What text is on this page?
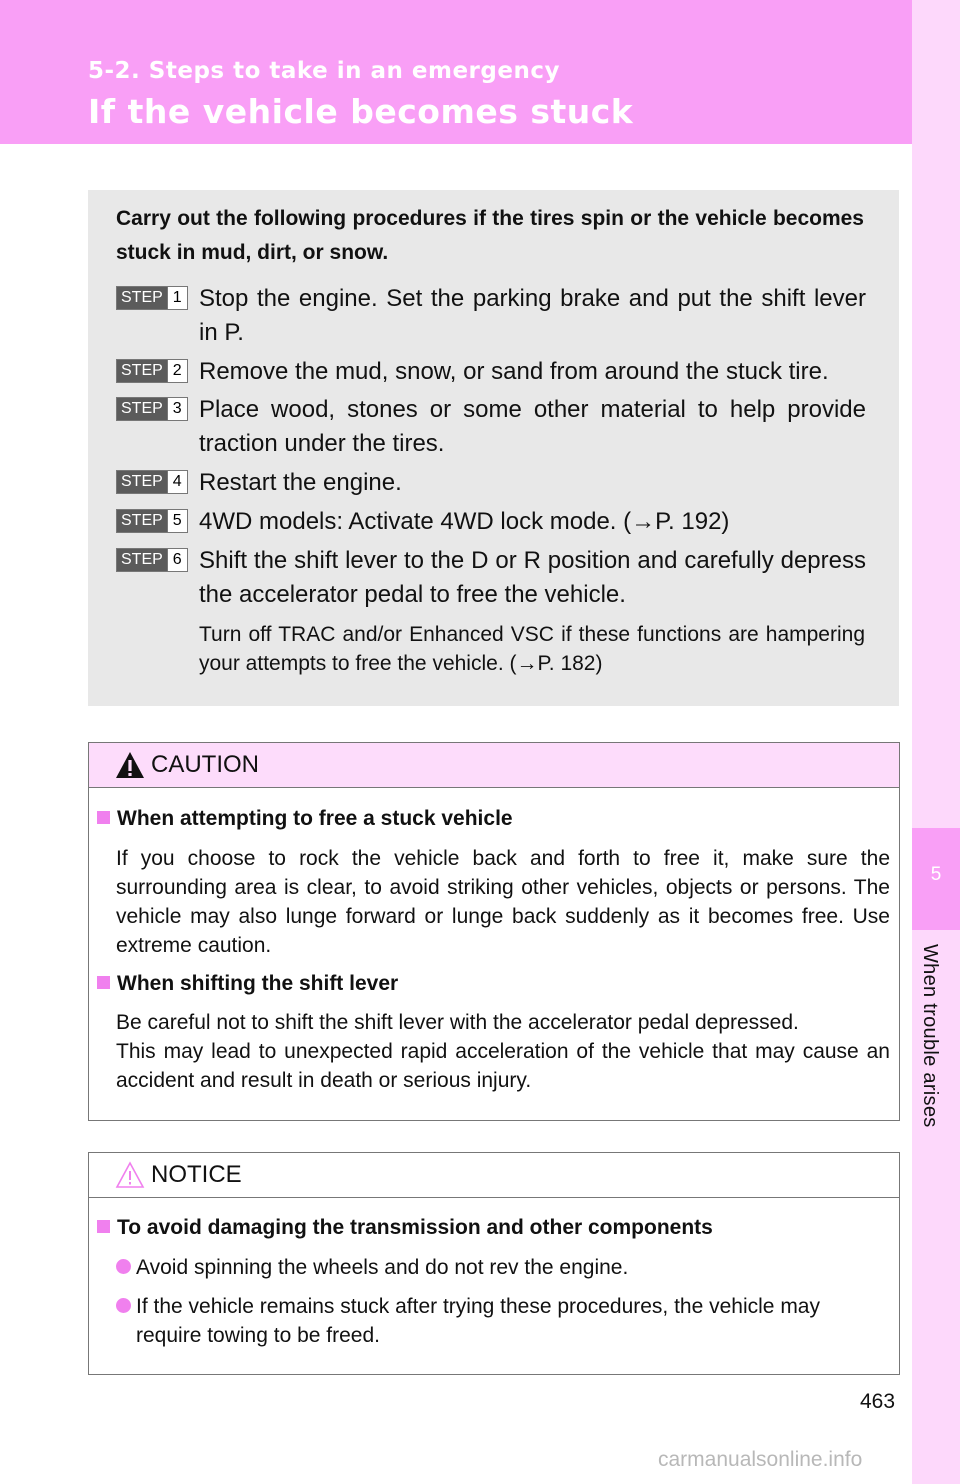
5-2. Steps to take in an emergency
If the vehicle becomes stuck
5
When trouble arises
Carry out the following procedures if the tires spin or the vehicle becomes stuck in mud, dirt, or snow.
STEP 1 Stop the engine. Set the parking brake and put the shift lever in P.
STEP 2 Remove the mud, snow, or sand from around the stuck tire.
STEP 3 Place wood, stones or some other material to help provide traction under the tires.
STEP 4 Restart the engine.
STEP 5 4WD models: Activate 4WD lock mode. (→P. 192)
STEP 6 Shift the shift lever to the D or R position and carefully depress the accelerator pedal to free the vehicle.
Turn off TRAC and/or Enhanced VSC if these functions are hampering your attempts to free the vehicle. (→P. 182)
CAUTION
When attempting to free a stuck vehicle
If you choose to rock the vehicle back and forth to free it, make sure the surrounding area is clear, to avoid striking other vehicles, objects or persons. The vehicle may also lunge forward or lunge back suddenly as it becomes free. Use extreme caution.
When shifting the shift lever
Be careful not to shift the shift lever with the accelerator pedal depressed.
This may lead to unexpected rapid acceleration of the vehicle that may cause an accident and result in death or serious injury.
NOTICE
To avoid damaging the transmission and other components
Avoid spinning the wheels and do not rev the engine.
If the vehicle remains stuck after trying these procedures, the vehicle may require towing to be freed.
463
carmanualsonline.info
